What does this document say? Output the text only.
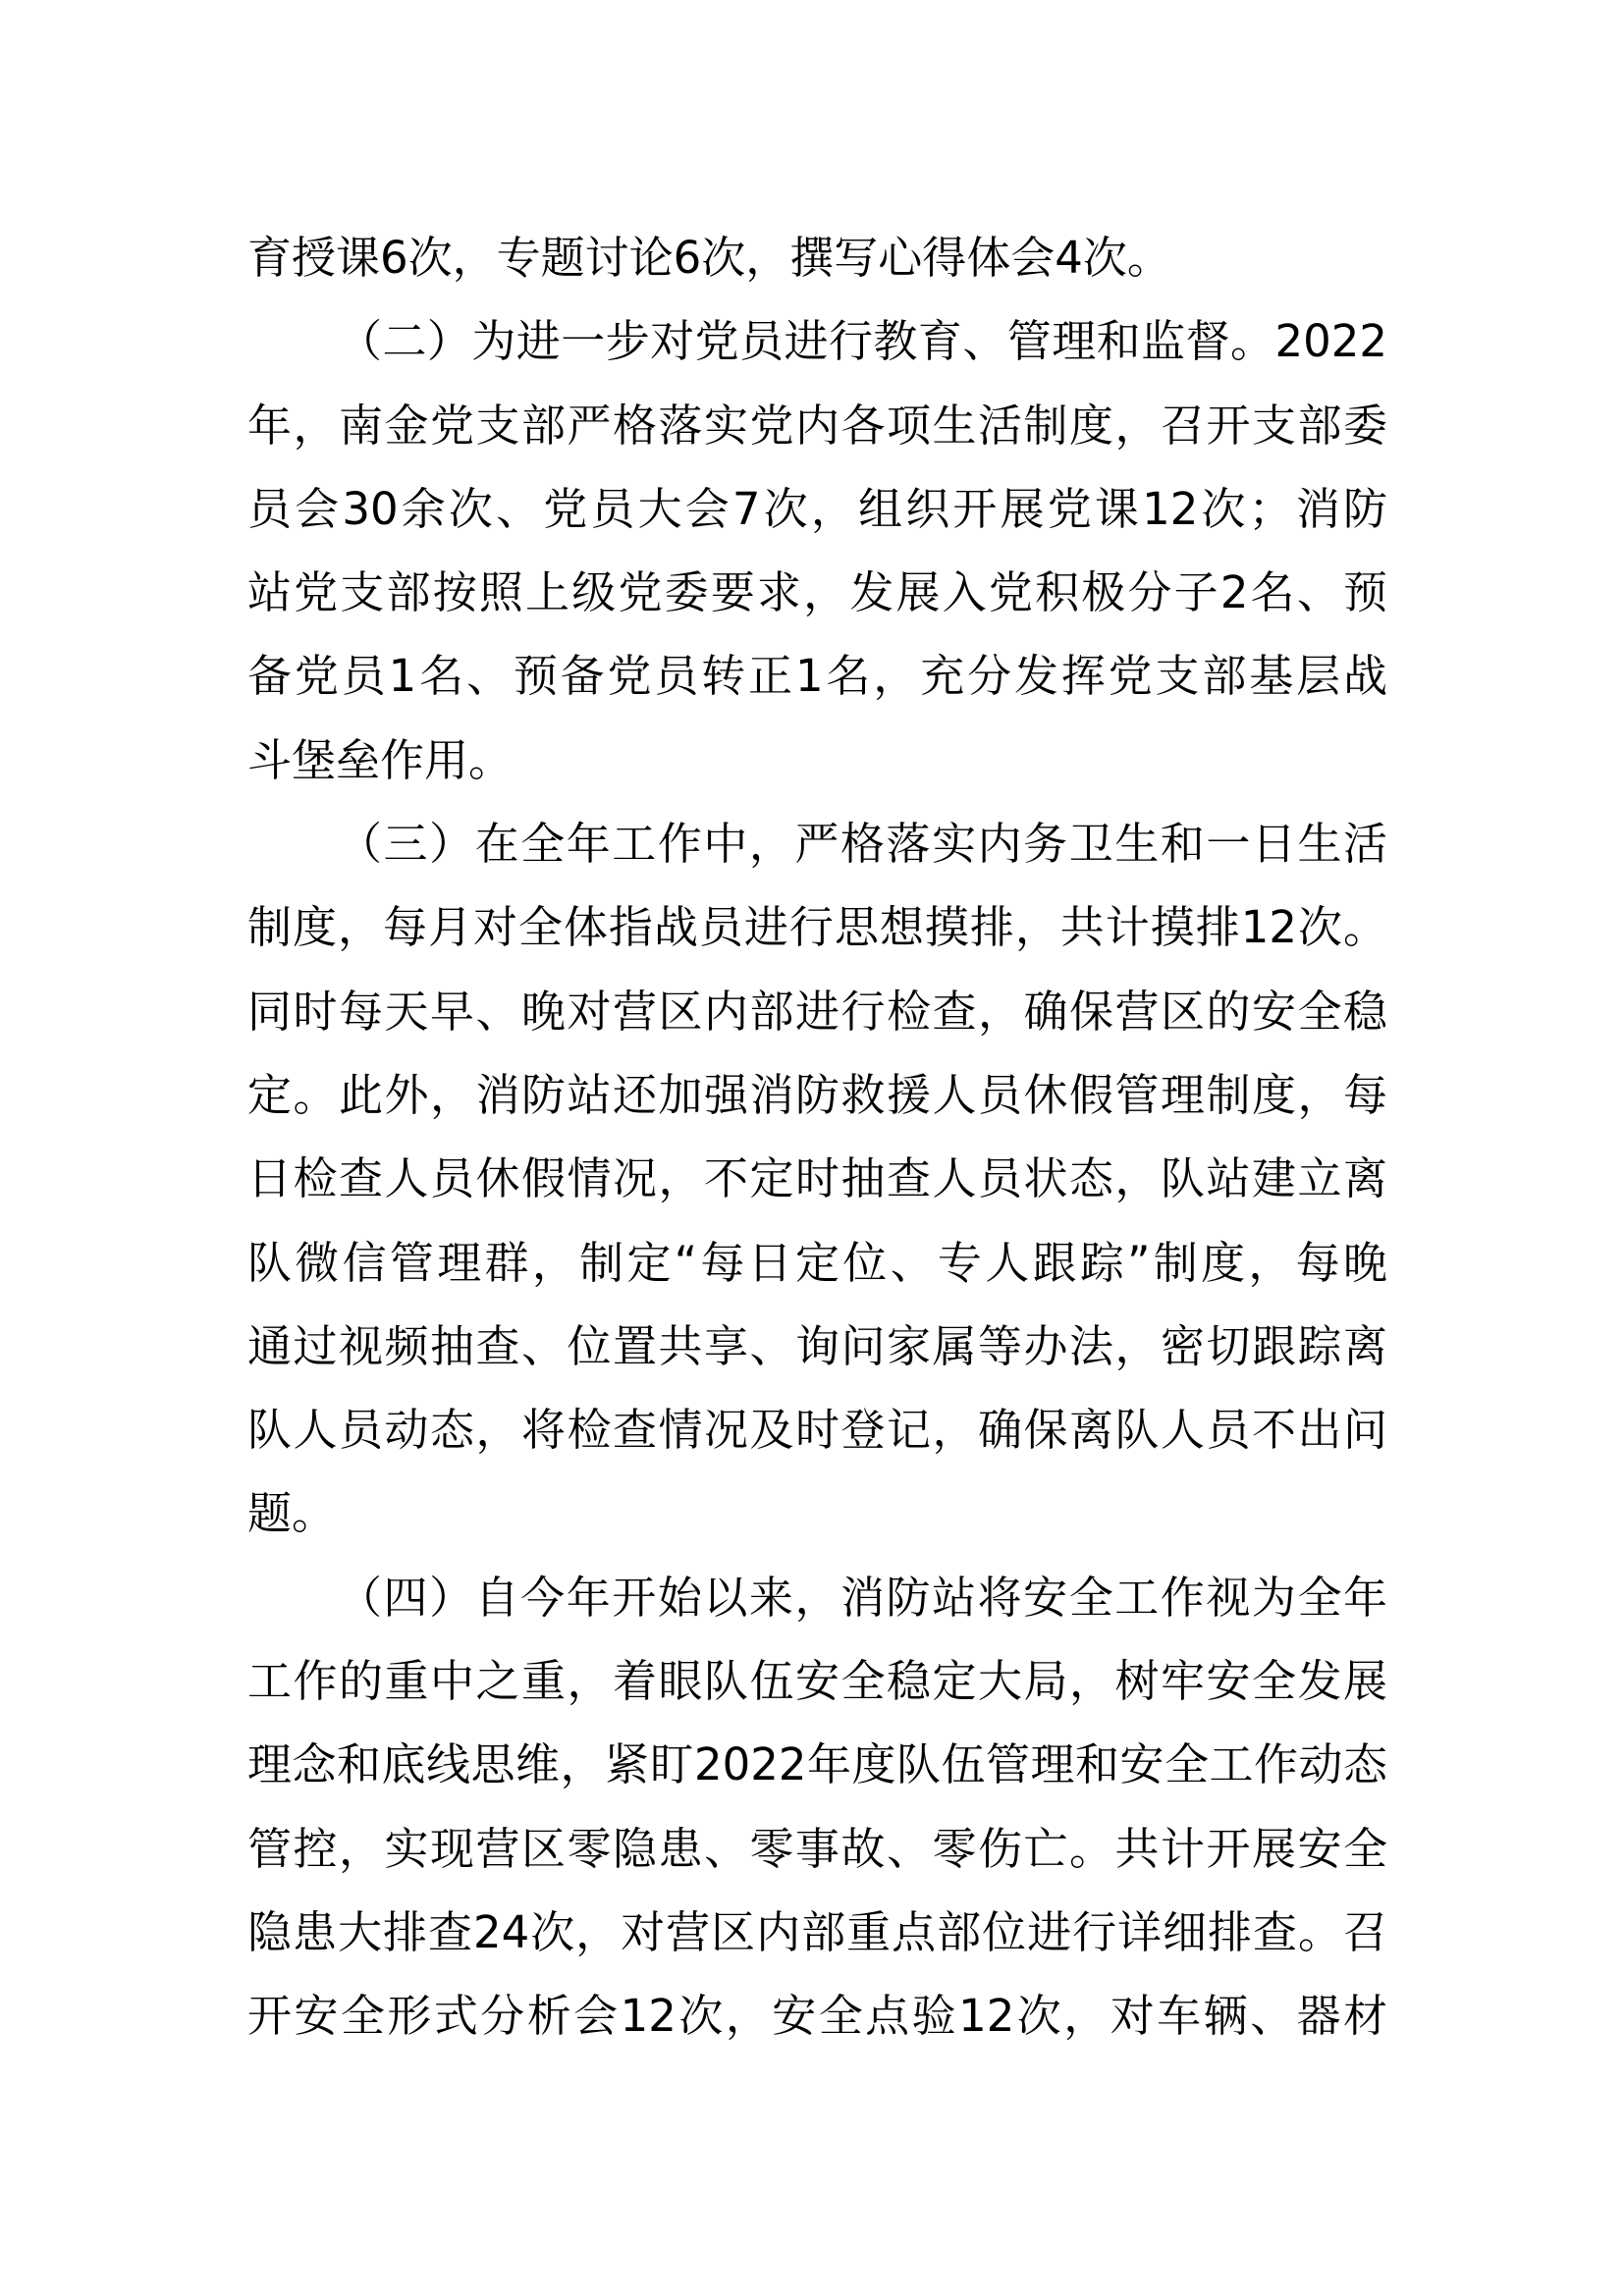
育授课6次，专题讨论6次，撰写心得体会4次。
（二）为进一步对党员进行教育、管理和监督。2022
年，南金党支部严格落实党内各项生活制度，召开支部委
员会30余次、党员大会7次，组织开展党课12次；消防
站党支部按照上级党委要求，发展入党积极分子2名、预
备党员1名、预备党员转正1名，充分发挥党支部基层战
斗堡垒作用。
（三）在全年工作中，严格落实内务卫生和一日生活
制度，每月对全体指战员进行思想摸排，共计摸排12次。
同时每天早、晚对营区内部进行检查，确保营区的安全稳
定。此外，消防站还加强消防救援人员休假管理制度，每
日检查人员休假情况，不定时抽查人员状态，队站建立离
队微信管理群，制定“每日定位、专人跟踪”制度，每晚
通过视频抽查、位置共享、询问家属等办法，密切跟踪离
队人员动态，将检查情况及时登记，确保离队人员不出问
题。
（四）自今年开始以来，消防站将安全工作视为全年
工作的重中之重，着眼队伍安全稳定大局，树牢安全发展
理念和底线思维，紧盯2022年度队伍管理和安全工作动态
管控，实现营区零隐患、零事故、零伤亡。共计开展安全
隐患大排查24次，对营区内部重点部位进行详细排查。召
开安全形式分析会12次，安全点验12次，对车辆、器材
